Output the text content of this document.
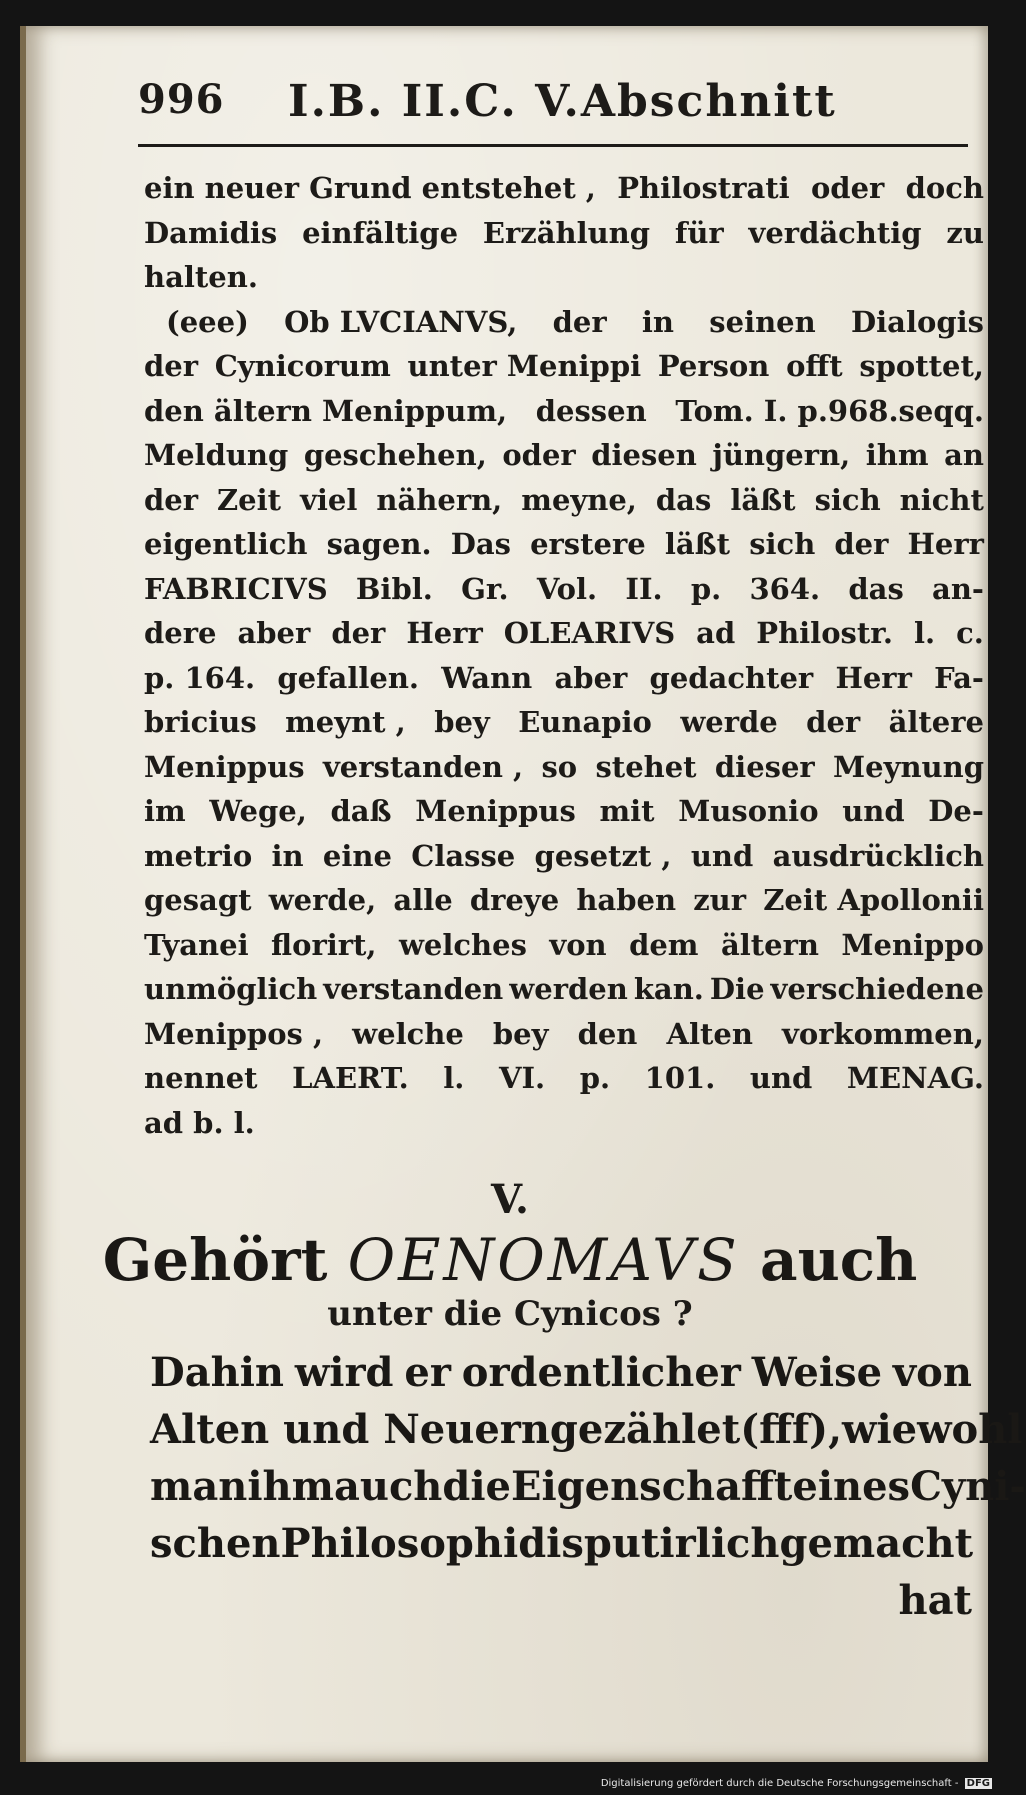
996 I.B. II.C. V.Abschnitt
ein neuer Grund entstehet , Philostrati oder doch
Damidis einfältige Erzählung für verdächtig zu
halten.
(eee) Ob LVCIANVS, der in seinen Dialogis
der Cynicorum unter Menippi Person offt spottet,
den ältern Menippum, dessen Tom. I. p.968.seqq.
Meldung geschehen, oder diesen jüngern, ihm an
der Zeit viel nähern, meyne, das läßt sich nicht
eigentlich sagen. Das erstere läßt sich der Herr
FABRICIVS Bibl. Gr. Vol. II. p. 364. das an-
dere aber der Herr OLEARIVS ad Philostr. l. c.
p. 164. gefallen. Wann aber gedachter Herr Fa-
bricius meynt , bey Eunapio werde der ältere
Menippus verstanden , so stehet dieser Meynung
im Wege, daß Menippus mit Musonio und De-
metrio in eine Classe gesetzt , und ausdrücklich
gesagt werde, alle dreye haben zur Zeit Apollonii
Tyanei florirt, welches von dem ältern Menippo
unmöglich verstanden werden kan. Die verschiedene
Menippos , welche bey den Alten vorkommen,
nennet LAERT. l. VI. p. 101. und MENAG.
ad b. l.
V.
Gehört OENOMAVS auch
unter die Cynicos ?
Dahin wird er ordentlicher Weise von
Alten und Neuern gezählet (fff), wiewohl
man ihm auch die Eigenschafft eines Cyni-
schen Philosophi disputirlich gemacht
hat
Digitalisierung gefördert durch die Deutsche Forschungsgemeinschaft - DFG
